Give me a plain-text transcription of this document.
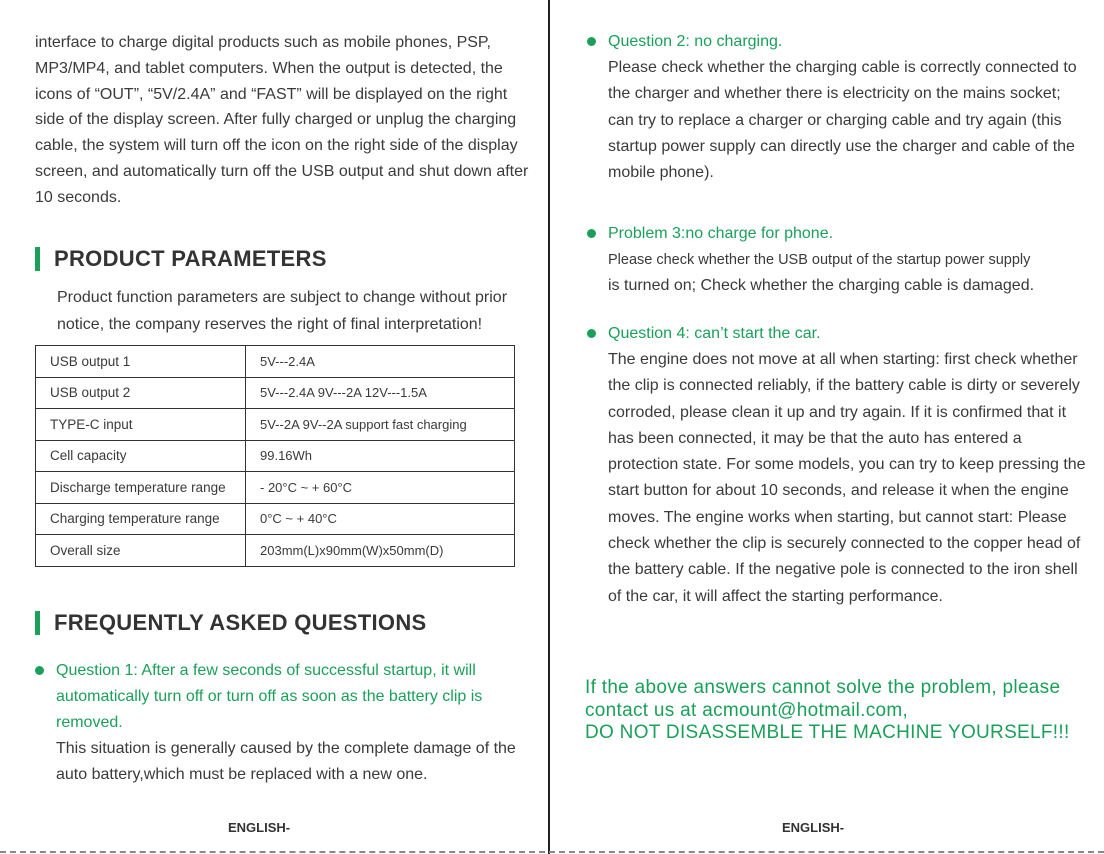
interface to charge digital products such as mobile phones, PSP, MP3/MP4, and tablet computers. When the output is detected, the icons of “OUT”, “5V/2.4A” and “FAST” will be displayed on the right side of the display screen. After fully charged or unplug the charging cable, the system will turn off the icon on the right side of the display screen, and automatically turn off the USB output and shut down after 10 seconds.

PRODUCT PARAMETERS

Product function parameters are subject to change without prior notice, the company reserves the right of final interpretation!

USB output 1	5V---2.4A
USB output 2	5V---2.4A 9V---2A 12V---1.5A
TYPE-C input	5V--2A 9V--2A support fast charging
Cell capacity	99.16Wh
Discharge temperature range	- 20°C ~ + 60°C
Charging temperature range	0°C ~ + 40°C
Overall size	203mm(L)x90mm(W)x50mm(D)
FREQUENTLY ASKED QUESTIONS
Question 1: After a few seconds of successful startup, it will automatically turn off or turn off as soon as the battery clip is removed.

This situation is generally caused by the complete damage of the auto battery,which must be replaced with a new one.

ENGLISH-

Question 2: no charging.

Please check whether the charging cable is correctly connected to the charger and whether there is electricity on the mains socket; can try to replace a charger or charging cable and try again (this startup power supply can directly use the charger and cable of the mobile phone).

Problem 3:no charge for phone.

Please check whether the USB output of the startup power supply
is turned on; Check whether the charging cable is damaged.

Question 4: can’t start the car.

The engine does not move at all when starting: first check whether the clip is connected reliably, if the battery cable is dirty or severely corroded, please clean it up and try again. If it is confirmed that it has been connected, it may be that the auto has entered a protection state. For some models, you can try to keep pressing the start button for about 10 seconds, and release it when the engine moves. The engine works when starting, but cannot start: Please check whether the clip is securely connected to the copper head of the battery cable. If the negative pole is connected to the iron shell of the car, it will affect the starting performance.

ENGLISH-

If the above answers cannot solve the problem, please
contact us at acmount@hotmail.com,
DO NOT DISASSEMBLE THE MACHINE YOURSELF!!!
